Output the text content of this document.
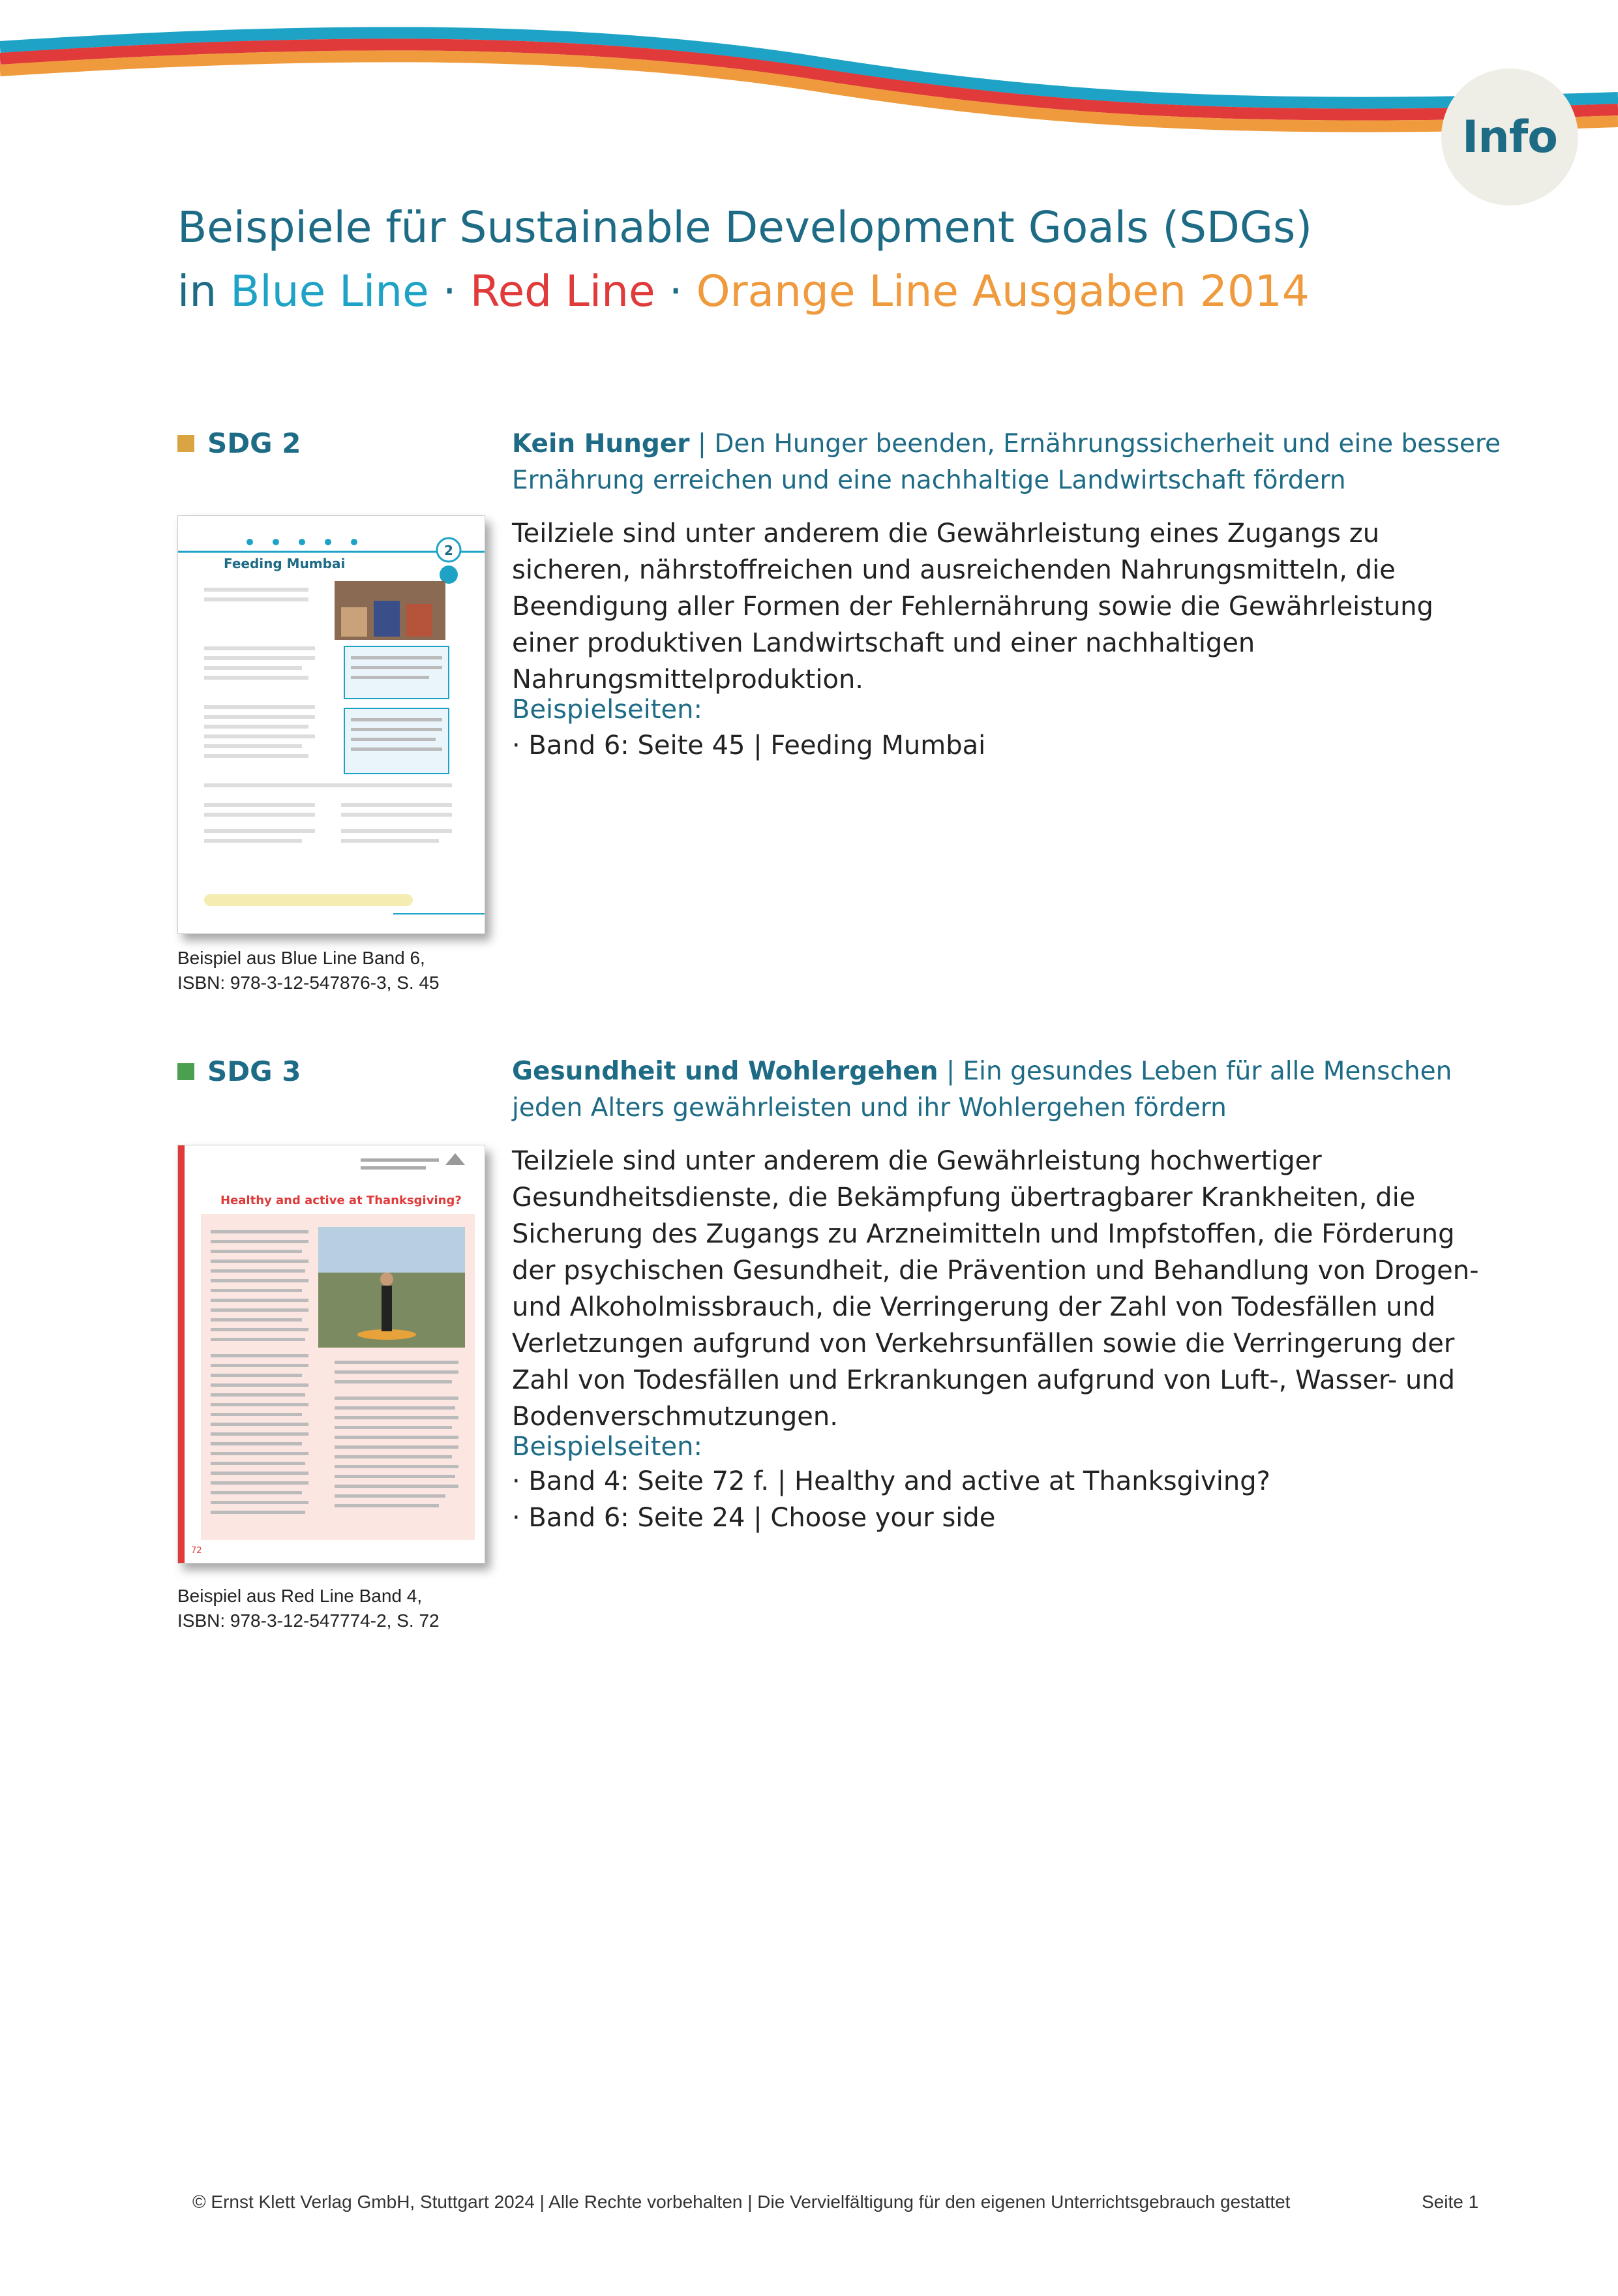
Info
Beispiele für Sustainable Development Goals (SDGs)
in Blue Line · Red Line · Orange Line Ausgaben 2014
SDG 2
2
Feeding Mumbai
Beispiel aus Blue Line Band 6,
ISBN: 978-3-12-547876-3, S. 45
Kein Hunger | Den Hunger beenden, Ernährungssicherheit und eine bessere Ernährung erreichen und eine nachhaltige Landwirtschaft fördern
Teilziele sind unter anderem die Gewährleistung eines Zugangs zu sicheren, nährstoffreichen und ausreichenden Nahrungsmitteln, die Beendigung aller Formen der Fehlernährung sowie die Gewährleistung einer produktiven Landwirtschaft und einer nachhaltigen Nahrungsmittelproduktion.
Beispielseiten:
· Band 6: Seite 45 | Feeding Mumbai
SDG 3
Healthy and active at Thanksgiving?
72
Beispiel aus Red Line Band 4,
ISBN: 978-3-12-547774-2, S. 72
Gesundheit und Wohlergehen | Ein gesundes Leben für alle Menschen jeden Alters gewährleisten und ihr Wohlergehen fördern
Teilziele sind unter anderem die Gewährleistung hochwertiger Gesundheitsdienste, die Bekämpfung übertragbarer Krankheiten, die Sicherung des Zugangs zu Arzneimitteln und Impfstoffen, die Förderung der psychischen Gesundheit, die Prävention und Behandlung von Drogen- und Alkoholmissbrauch, die Verringerung der Zahl von Todesfällen und Verletzungen aufgrund von Verkehrsunfällen sowie die Verringerung der Zahl von Todesfällen und Erkrankungen aufgrund von Luft-, Wasser- und Bodenverschmutzungen.
Beispielseiten:
· Band 4: Seite 72 f. | Healthy and active at Thanksgiving?
· Band 6: Seite 24 | Choose your side
© Ernst Klett Verlag GmbH, Stuttgart 2024 | Alle Rechte vorbehalten | Die Vervielfältigung für den eigenen Unterrichtsgebrauch gestattet	Seite 1
